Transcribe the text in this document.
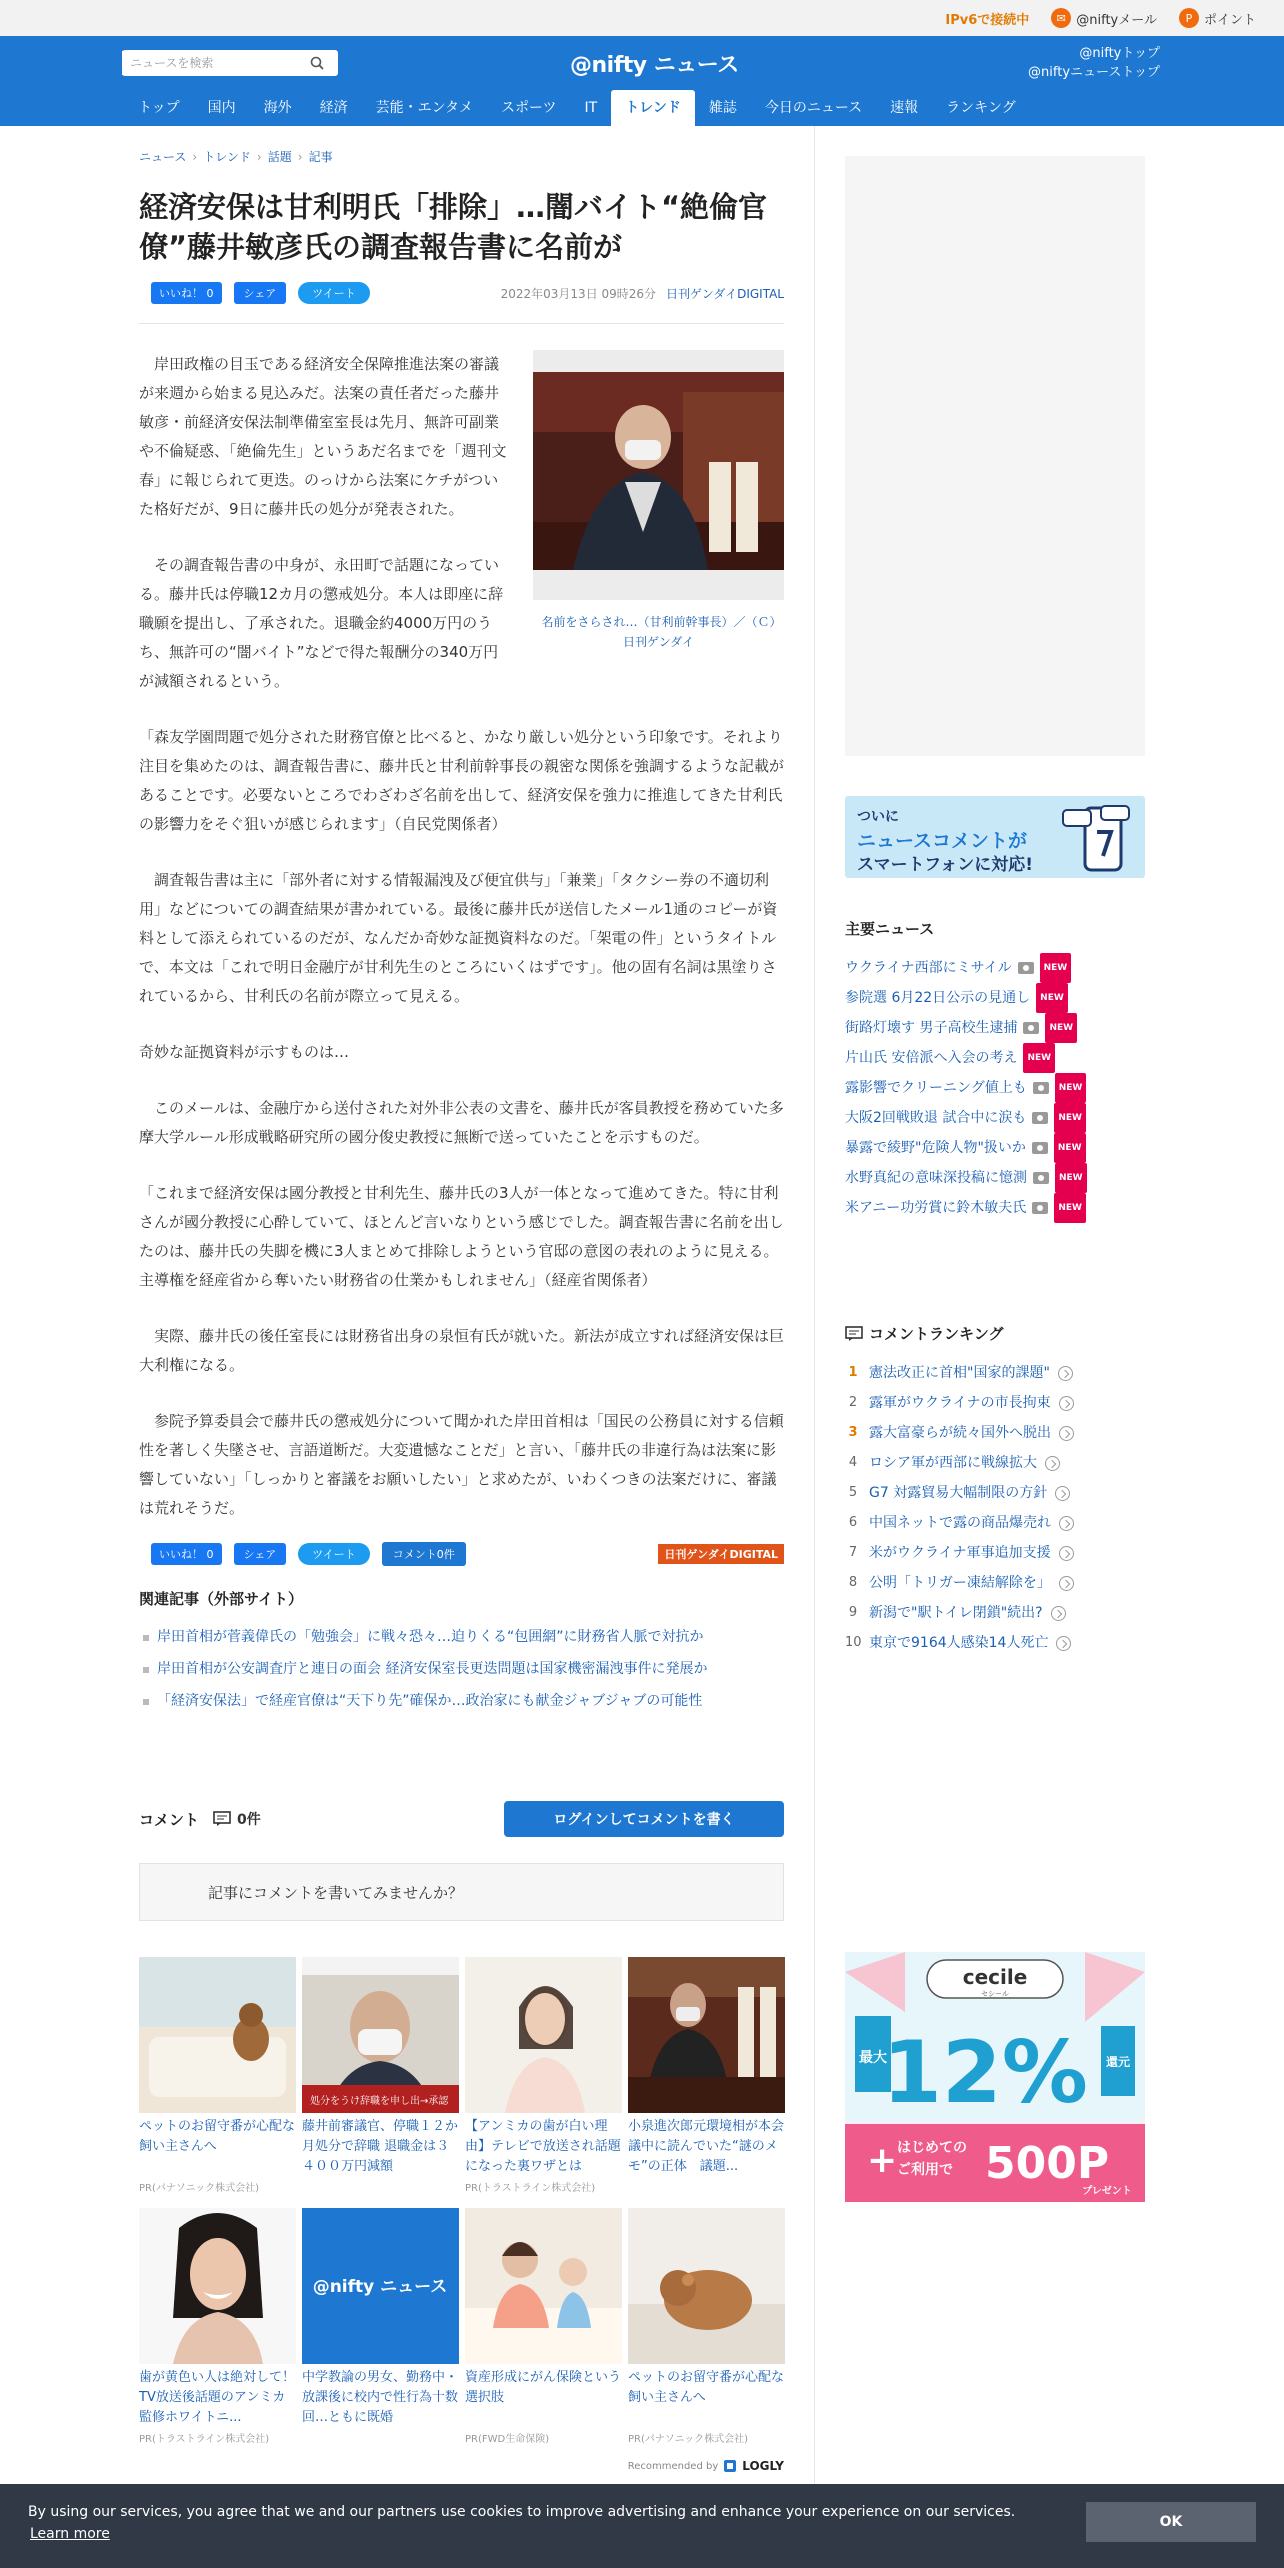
IPv6で接続中	✉ @niftyメール	P ポイント
ニュースを検索
@nifty ニュース	@niftyトップ
@niftyニューストップ
トップ	国内	海外	経済	芸能・エンタメ	スポーツ	IT	トレンド	雑誌	今日のニュース	速報	ランキング
ニュース › トレンド › 話題 › 記事
経済安保は甘利明氏「排除」…闇バイト“絶倫官僚”藤井敏彦氏の調査報告書に名前が
いいね！ 0	シェア	ツイート	2022年03月13日 09時26分 日刊ゲンダイDIGITAL
名前をさらされ…（甘利前幹事長）／（Ｃ）日刊ゲンダイ

岸田政権の目玉である経済安全保障推進法案の審議が来週から始まる見込みだ。法案の責任者だった藤井敏彦・前経済安保法制準備室室長は先月、無許可副業や不倫疑惑、「絶倫先生」というあだ名までを「週刊文春」に報じられて更迭。のっけから法案にケチがついた格好だが、9日に藤井氏の処分が発表された。

その調査報告書の中身が、永田町で話題になっている。藤井氏は停職12カ月の懲戒処分。本人は即座に辞職願を提出し、了承された。退職金約4000万円のうち、無許可の“闇バイト”などで得た報酬分の340万円が減額されるという。

「森友学園問題で処分された財務官僚と比べると、かなり厳しい処分という印象です。それより注目を集めたのは、調査報告書に、藤井氏と甘利前幹事長の親密な関係を強調するような記載があることです。必要ないところでわざわざ名前を出して、経済安保を強力に推進してきた甘利氏の影響力をそぐ狙いが感じられます」（自民党関係者）

調査報告書は主に「部外者に対する情報漏洩及び便宜供与」「兼業」「タクシー券の不適切利用」などについての調査結果が書かれている。最後に藤井氏が送信したメール1通のコピーが資料として添えられているのだが、なんだか奇妙な証拠資料なのだ。「架電の件」というタイトルで、本文は「これで明日金融庁が甘利先生のところにいくはずです」。他の固有名詞は黒塗りされているから、甘利氏の名前が際立って見える。

奇妙な証拠資料が示すものは…

このメールは、金融庁から送付された対外非公表の文書を、藤井氏が客員教授を務めていた多摩大学ルール形成戦略研究所の國分俊史教授に無断で送っていたことを示すものだ。

「これまで経済安保は國分教授と甘利先生、藤井氏の3人が一体となって進めてきた。特に甘利さんが國分教授に心酔していて、ほとんど言いなりという感じでした。調査報告書に名前を出したのは、藤井氏の失脚を機に3人まとめて排除しようという官邸の意図の表れのように見える。主導権を経産省から奪いたい財務省の仕業かもしれません」（経産省関係者）

実際、藤井氏の後任室長には財務省出身の泉恒有氏が就いた。新法が成立すれば経済安保は巨大利権になる。

参院予算委員会で藤井氏の懲戒処分について聞かれた岸田首相は「国民の公務員に対する信頼性を著しく失墜させ、言語道断だ。大変遺憾なことだ」と言い、「藤井氏の非違行為は法案に影響していない」「しっかりと審議をお願いしたい」と求めたが、いわくつきの法案だけに、審議は荒れそうだ。

いいね！ 0	シェア	ツイート	コメント0件	日刊ゲンダイDIGITAL
関連記事（外部サイト）
岸田首相が菅義偉氏の「勉強会」に戦々恐々…迫りくる“包囲網”に財務省人脈で対抗か
岸田首相が公安調査庁と連日の面会 経済安保室長更迭問題は国家機密漏洩事件に発展か
「経済安保法」で経産官僚は“天下り先”確保か…政治家にも献金ジャブジャブの可能性
コメント	0件	ログインしてコメントを書く
記事にコメントを書いてみませんか？
ペットのお留守番が心配な飼い主さんへ
PR(パナソニック株式会社)
処分をうけ辞職を申し出→承認
藤井前審議官、停職１２か月処分で辞職 退職金は３４００万円減額
【アンミカの歯が白い理由】テレビで放送され話題になった裏ワザとは
PR(トラストライン株式会社)
小泉進次郎元環境相が本会議中に読んでいた“謎のメモ”の正体　議題...
歯が黄色い人は絶対して！TV放送後話題のアンミカ監修ホワイトニ...
PR(トラストライン株式会社)
@nifty ニュース
中学教論の男女、勤務中・放課後に校内で性行為十数回…ともに既婚
資産形成にがん保険という選択肢
PR(FWD生命保険)
ペットのお留守番が心配な飼い主さんへ
PR(パナソニック株式会社)
Recommended by LOGLY
ついに
ニュースコメントが
スマートフォンに対応!
主要ニュース
ウクライナ西部にミサイル	NEW
参院選 6月22日公示の見通し	NEW
街路灯壊す 男子高校生逮捕	NEW
片山氏 安倍派へ入会の考え	NEW
露影響でクリーニング値上も	NEW
大阪2回戦敗退 試合中に涙も	NEW
暴露で綾野"危険人物"扱いか	NEW
水野真紀の意味深投稿に憶測	NEW
米アニー功労賞に鈴木敏夫氏	NEW
コメントランキング
1 憲法改正に首相"国家的課題"
2 露軍がウクライナの市長拘束
3 露大富豪らが続々国外へ脱出
4 ロシア軍が西部に戦線拡大
5 G7 対露貿易大幅制限の方針
6 中国ネットで露の商品爆売れ
7 米がウクライナ軍事追加支援
8 公明「トリガー凍結解除を」
9 新潟で"駅トイレ閉鎖"続出?
10 東京で9164人感染14人死亡
cecile
セシール
最大
12% 還元
+ はじめての
ご利用で 500P
プレゼント
By using our services, you agree that we and our partners use cookies to improve advertising and enhance your experience on our services.
Learn more
OK
